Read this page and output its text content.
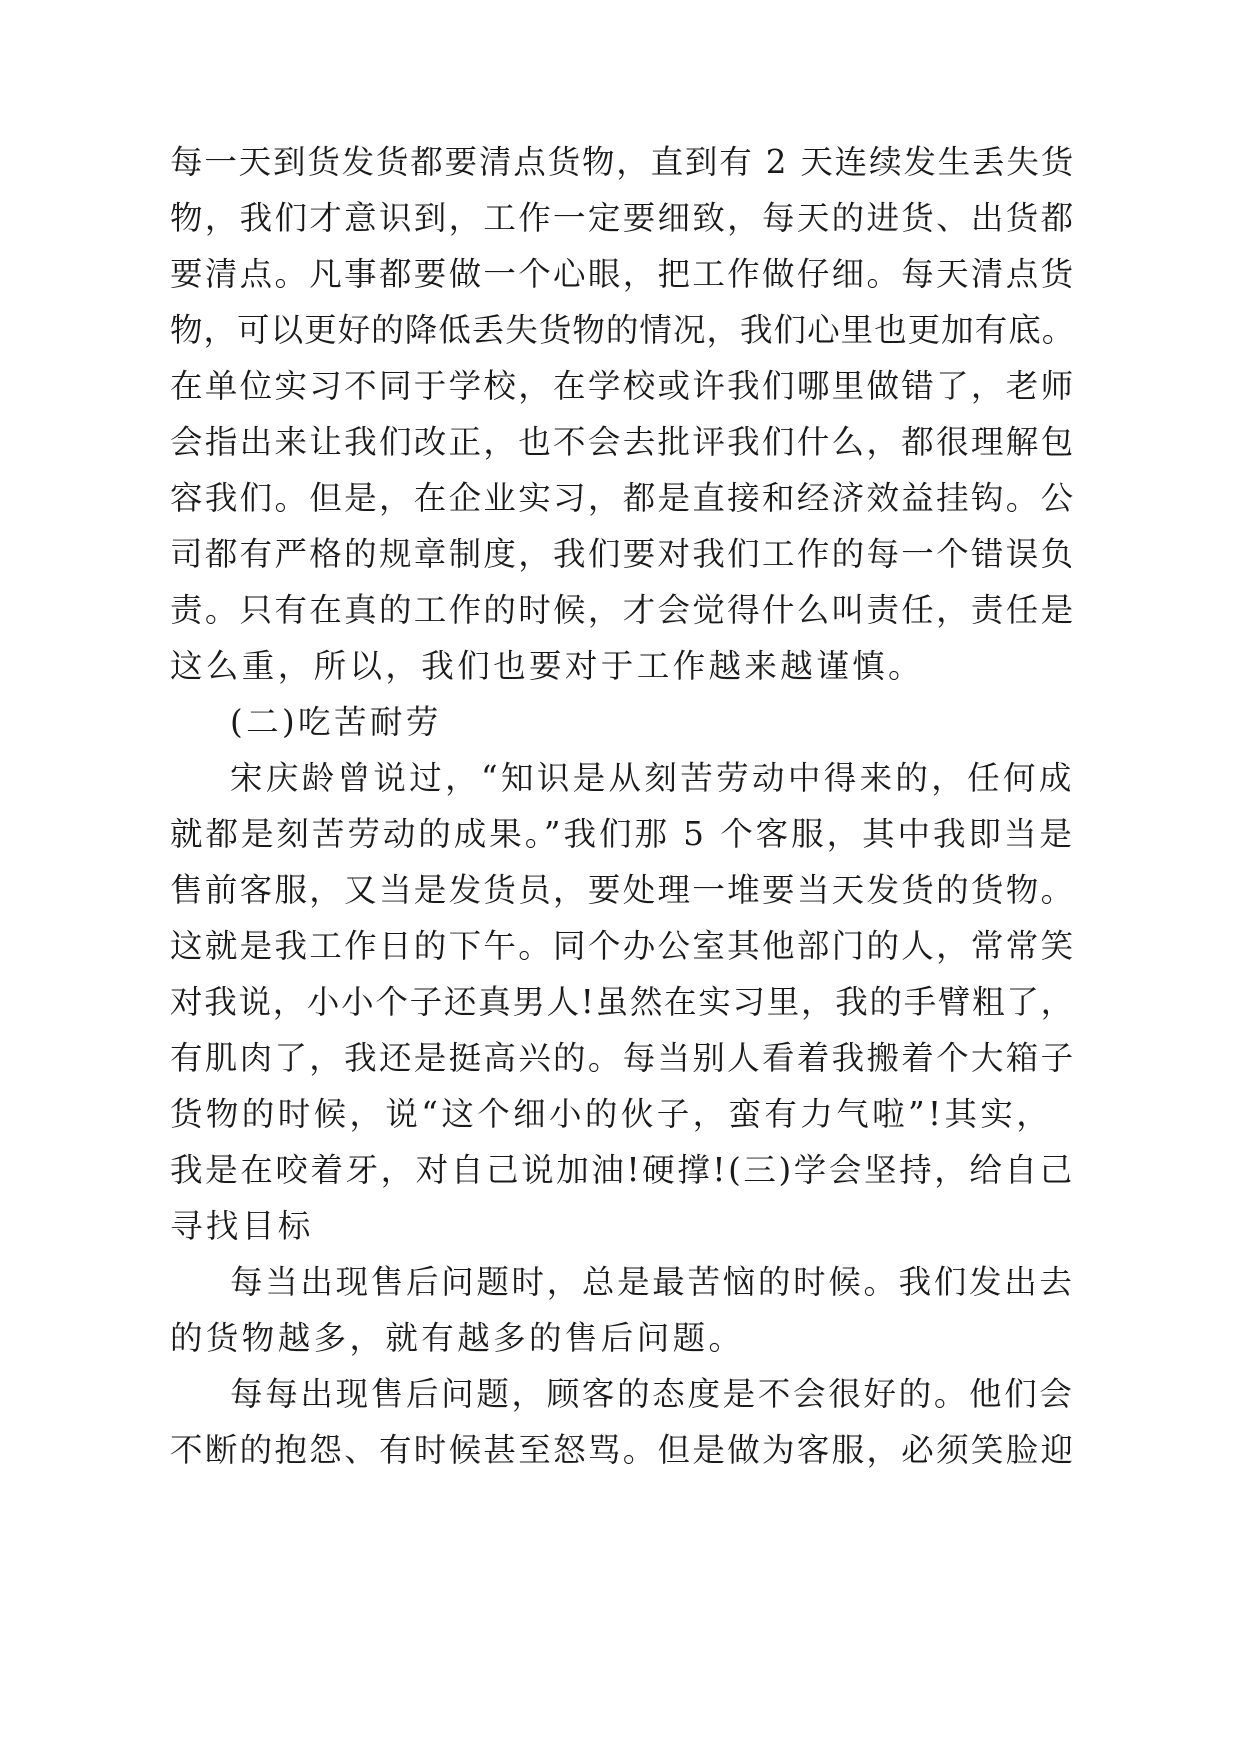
每一天到货发货都要清点货物，直到有 2 天连续发生丢失货
物，我们才意识到，工作一定要细致，每天的进货、出货都
要清点。凡事都要做一个心眼，把工作做仔细。每天清点货
物，可以更好的降低丢失货物的情况，我们心里也更加有底。
在单位实习不同于学校，在学校或许我们哪里做错了，老师
会指出来让我们改正，也不会去批评我们什么，都很理解包
容我们。但是，在企业实习，都是直接和经济效益挂钩。公
司都有严格的规章制度，我们要对我们工作的每一个错误负
责。只有在真的工作的时候，才会觉得什么叫责任，责任是
这么重，所以，我们也要对于工作越来越谨慎。
(二)吃苦耐劳
宋庆龄曾说过，“知识是从刻苦劳动中得来的，任何成
就都是刻苦劳动的成果。”我们那 5 个客服，其中我即当是
售前客服，又当是发货员，要处理一堆要当天发货的货物。
这就是我工作日的下午。同个办公室其他部门的人，常常笑
对我说，小小个子还真男人!虽然在实习里，我的手臂粗了，
有肌肉了，我还是挺高兴的。每当别人看着我搬着个大箱子
货物的时候，说“这个细小的伙子，蛮有力气啦”!其实，
我是在咬着牙，对自己说加油!硬撑!(三)学会坚持，给自己
寻找目标
每当出现售后问题时，总是最苦恼的时候。我们发出去
的货物越多，就有越多的售后问题。
每每出现售后问题，顾客的态度是不会很好的。他们会
不断的抱怨、有时候甚至怒骂。但是做为客服，必须笑脸迎
